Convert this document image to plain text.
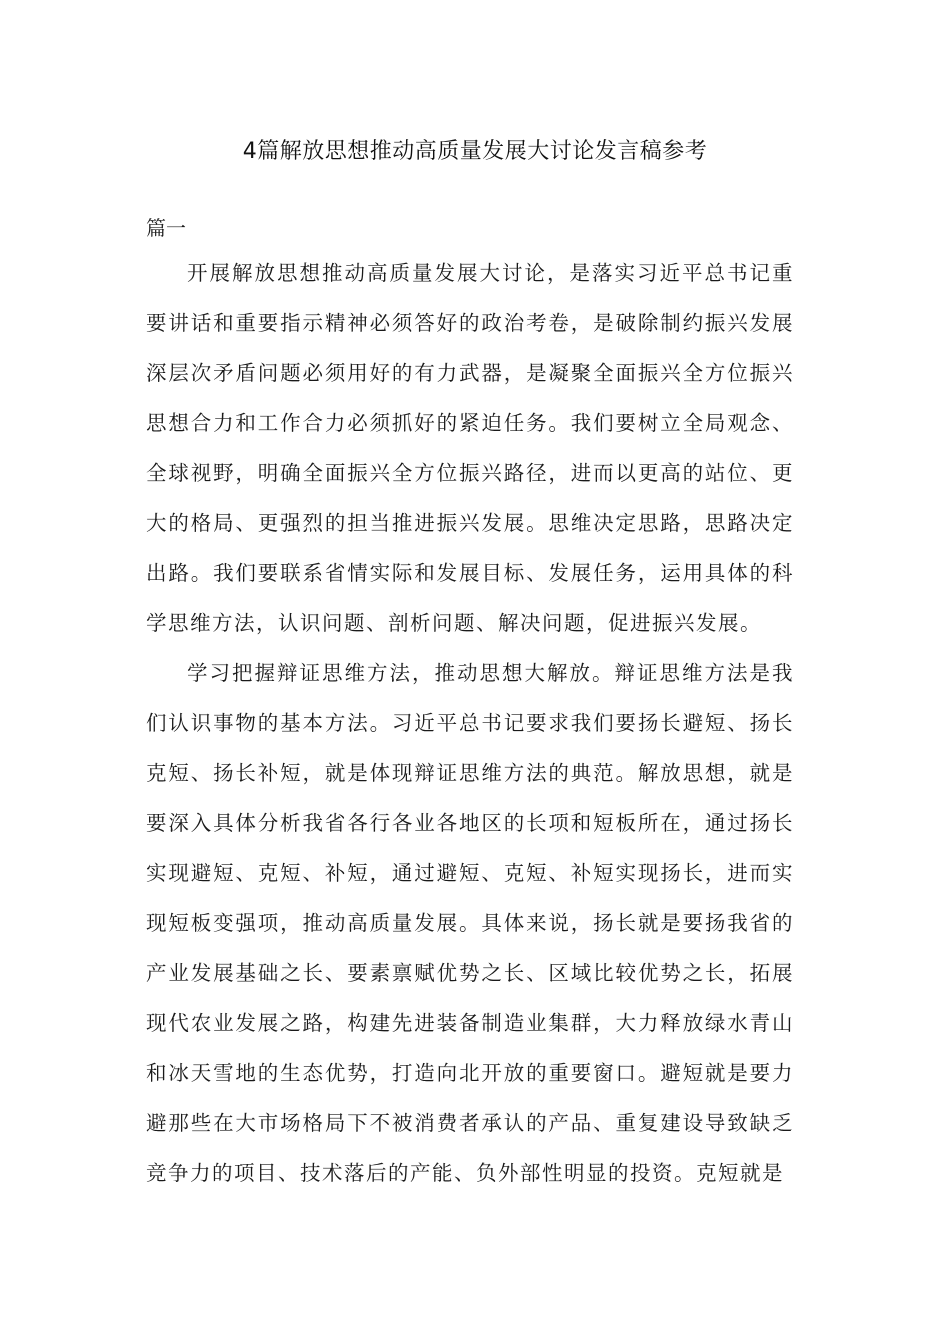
4篇解放思想推动高质量发展大讨论发言稿参考

篇一

开展解放思想推动高质量发展大讨论，是落实习近平总书记重要讲话和重要指示精神必须答好的政治考卷，是破除制约振兴发展深层次矛盾问题必须用好的有力武器，是凝聚全面振兴全方位振兴思想合力和工作合力必须抓好的紧迫任务。我们要树立全局观念、全球视野，明确全面振兴全方位振兴路径，进而以更高的站位、更大的格局、更强烈的担当推进振兴发展。思维决定思路，思路决定出路。我们要联系省情实际和发展目标、发展任务，运用具体的科学思维方法，认识问题、剖析问题、解决问题，促进振兴发展。

学习把握辩证思维方法，推动思想大解放。辩证思维方法是我们认识事物的基本方法。习近平总书记要求我们要扬长避短、扬长克短、扬长补短，就是体现辩证思维方法的典范。解放思想，就是要深入具体分析我省各行各业各地区的长项和短板所在，通过扬长实现避短、克短、补短，通过避短、克短、补短实现扬长，进而实现短板变强项，推动高质量发展。具体来说，扬长就是要扬我省的产业发展基础之长、要素禀赋优势之长、区域比较优势之长，拓展现代农业发展之路，构建先进装备制造业集群，大力释放绿水青山和冰天雪地的生态优势，打造向北开放的重要窗口。避短就是要力避那些在大市场格局下不被消费者承认的产品、重复建设导致缺乏竞争力的项目、技术落后的产能、负外部性明显的投资。克短就是
